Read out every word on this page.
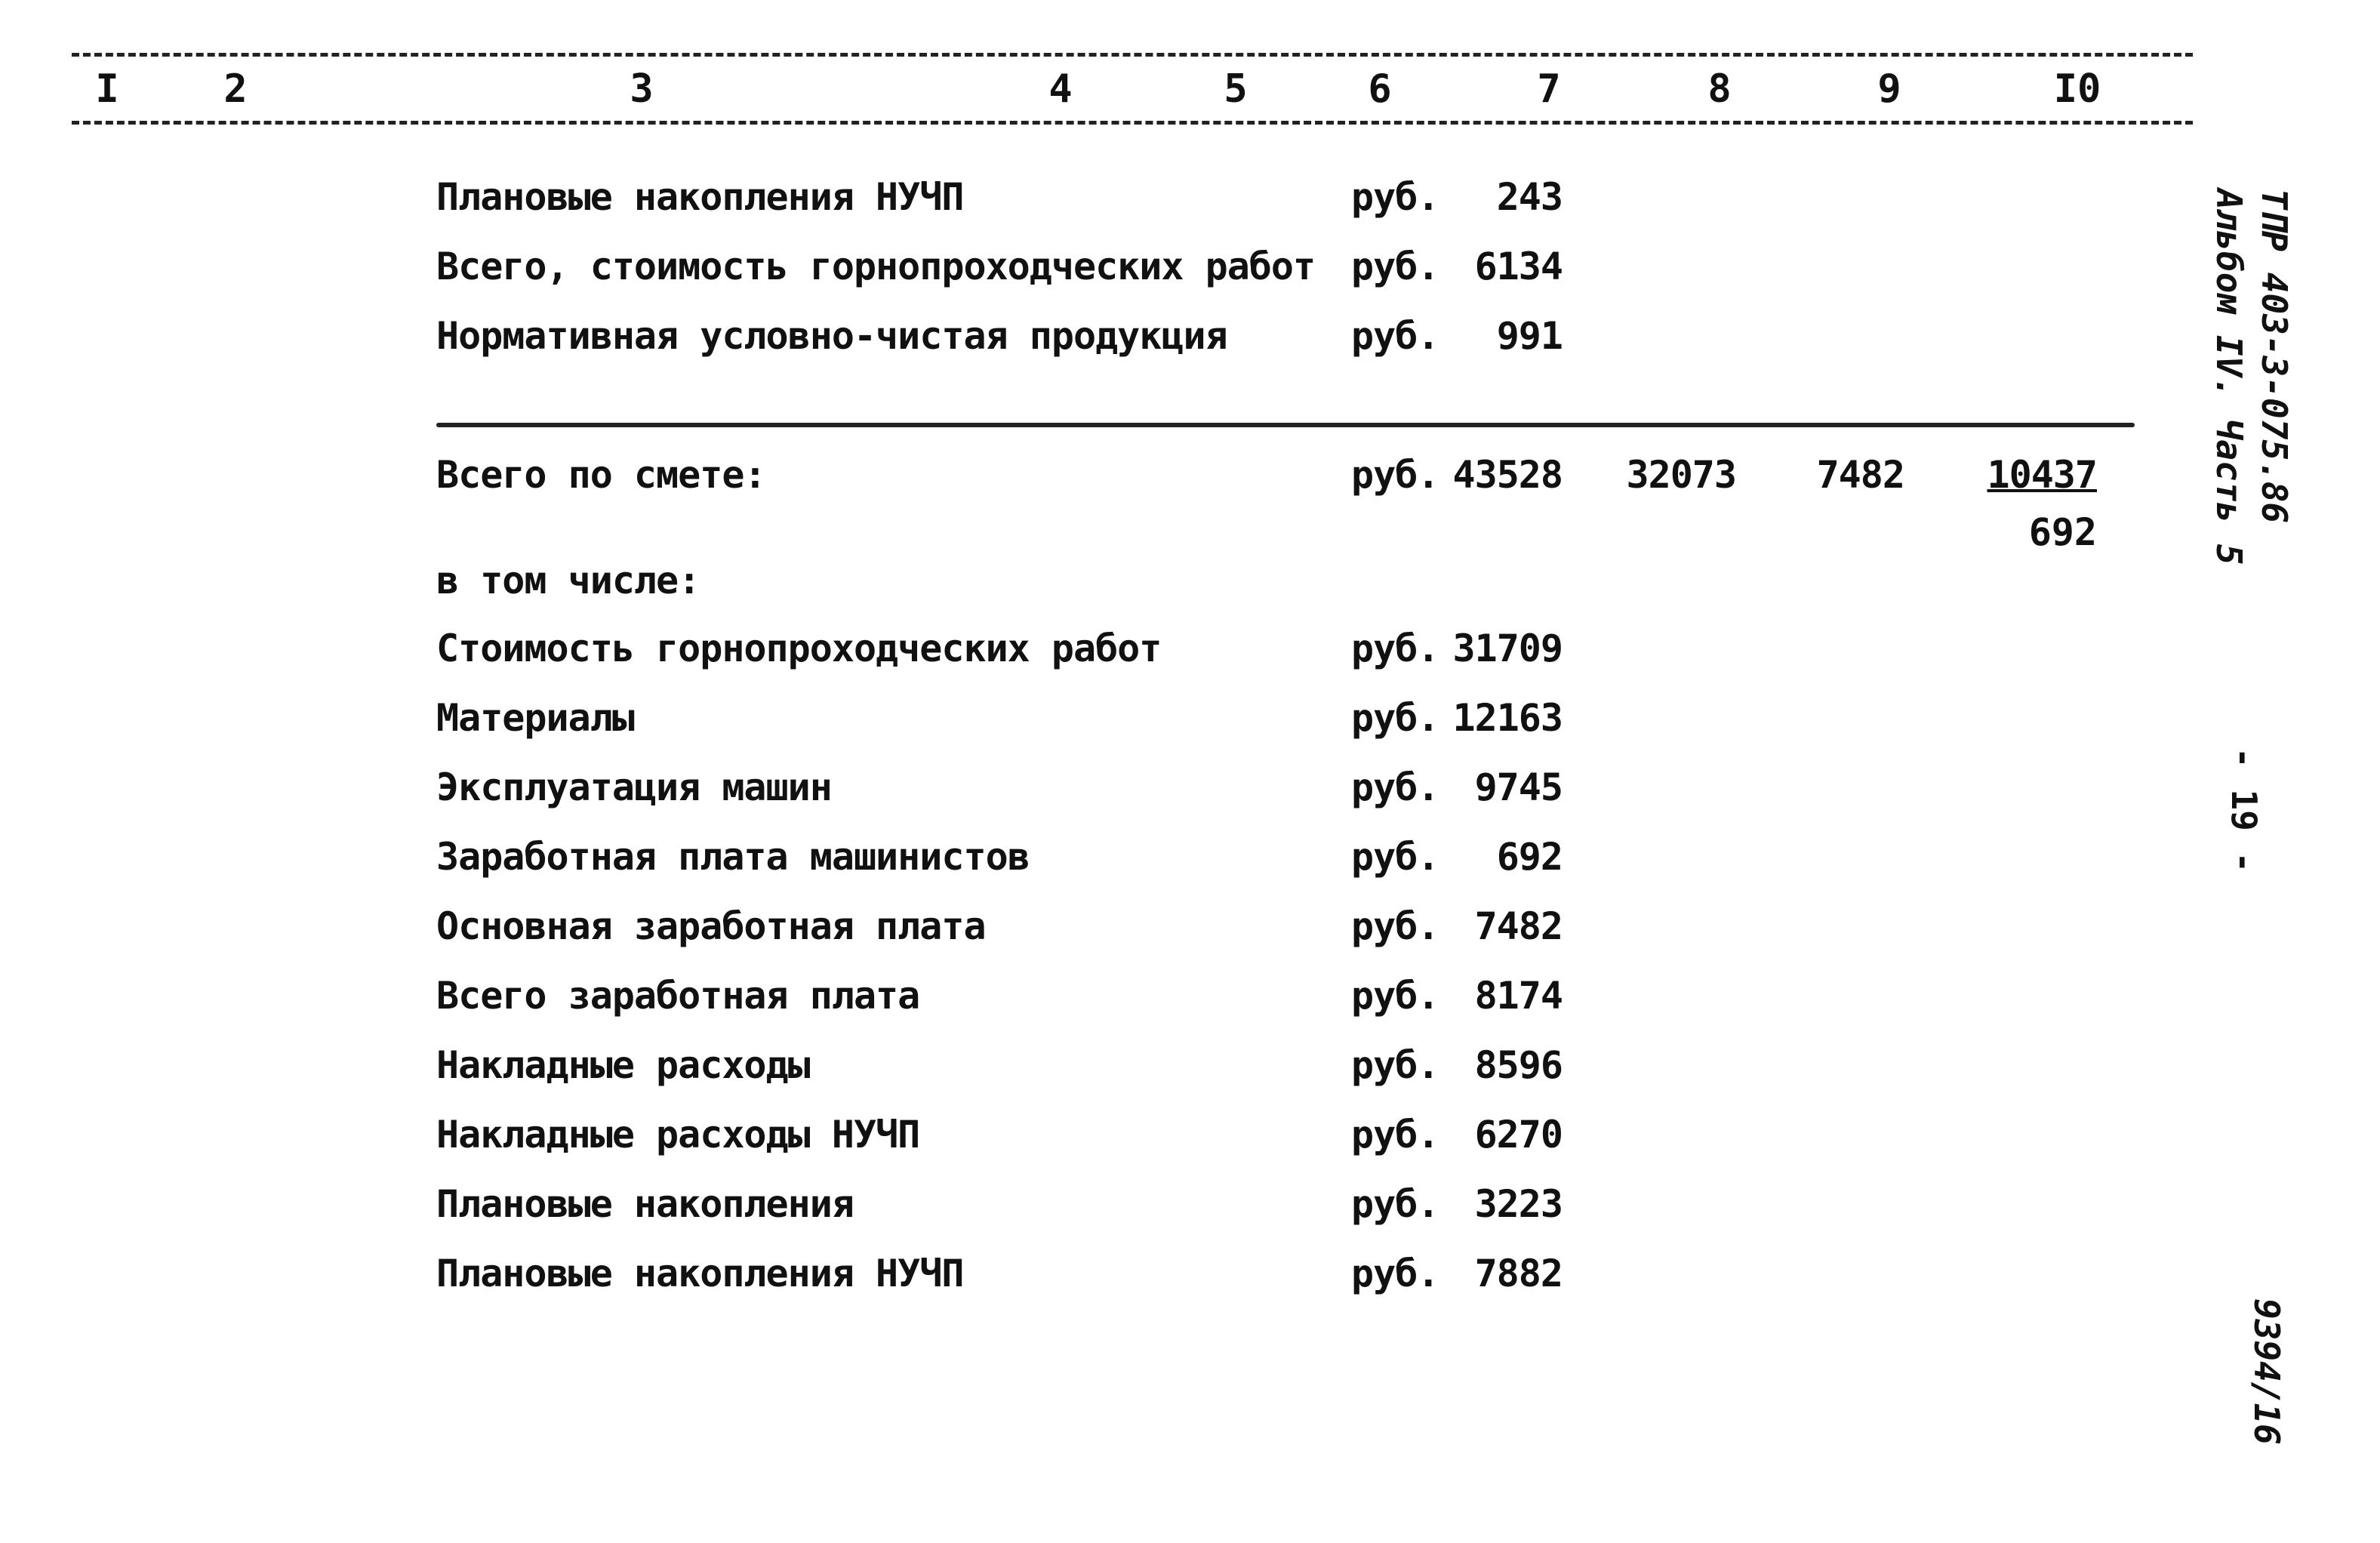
I	2	3	4	5	6	7	8	9	I0
Плановые накопления НУЧП	руб. 243
Всего, стоимость горнопроходческих работ руб. 6134
Нормативная условно-чистая продукция	руб. 991
Всего по смете:	руб. 43528 32073 7482 10437
692
в том числе:
Стоимость горнопроходческих работ	руб. 31709
Материалы	руб. 12163
Эксплуатация машин	руб. 9745
Заработная плата машинистов	руб. 692
Основная заработная плата	руб. 7482
Всего заработная плата	руб. 8174
Накладные расходы	руб. 8596
Накладные расходы НУЧП	руб. 6270
Плановые накопления	руб. 3223
Плановые накопления НУЧП	руб. 7882
ТПР 403-3-075.86
Альбом IV. Часть 5
- 19 -
9394/16
